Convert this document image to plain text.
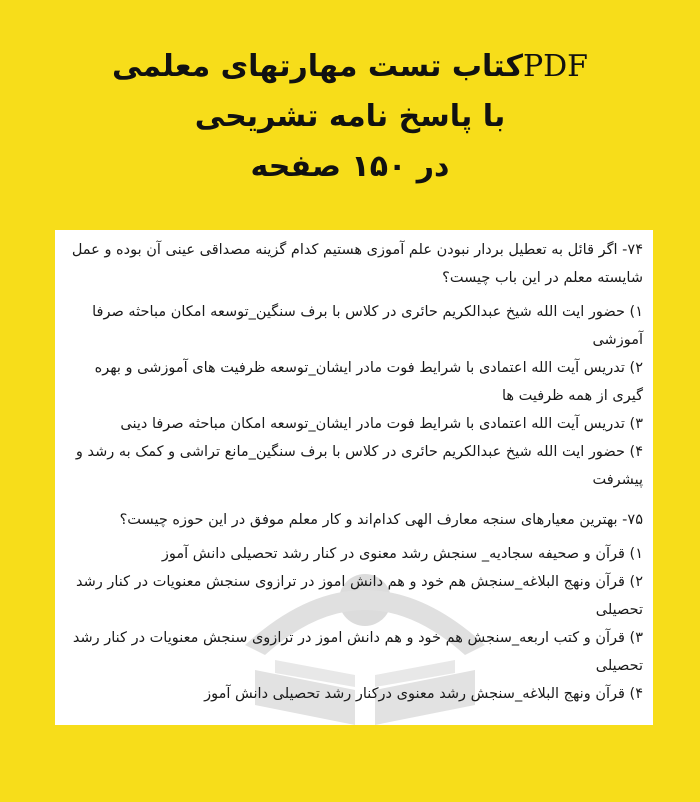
PDFکتاب تست مهارتهای معلمی
با پاسخ نامه تشریحی
در ۱۵۰ صفحه

۷۴- اگر قائل به تعطیل بردار نبودن علم آموزی هستیم کدام گزینه مصداقی عینی آن بوده و عمل شایسته معلم در این باب چیست؟

۱) حضور ایت الله شیخ عبدالکریم حائری در کلاس با برف سنگین_توسعه امکان مباحثه صرفا آموزشی

۲) تدریس آیت الله اعتمادی با شرایط فوت مادر ایشان_توسعه ظرفیت های آموزشی و بهره گیری از همه ظرفیت ها

۳) تدریس آیت الله اعتمادی با شرایط فوت مادر ایشان_توسعه امکان مباحثه صرفا دینی

۴) حضور ایت الله شیخ عبدالکریم حائری در کلاس با برف سنگین_مانع تراشی و کمک به رشد و پیشرفت

۷۵- بهترین معیارهای سنجه معارف الهی کدام‌اند و کار معلم موفق در این حوزه چیست؟

۱) قرآن و صحیفه سجادیه_ سنجش رشد معنوی در کنار رشد تحصیلی دانش آموز

۲) قرآن ونهج البلاغه_سنجش هم خود و هم دانش اموز در ترازوی سنجش معنویات در کنار رشد تحصیلی

۳) قرآن و کتب اربعه_سنجش هم خود و هم دانش اموز در ترازوی سنجش معنویات در کنار رشد تحصیلی

۴) قرآن ونهج البلاغه_سنجش رشد معنوی درکنار رشد تحصیلی دانش آموز
